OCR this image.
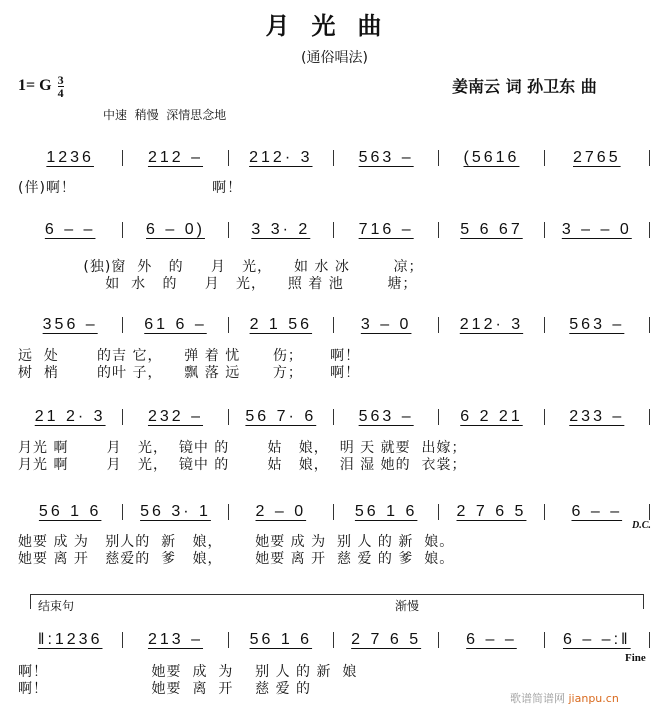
月光曲
(通俗唱法)
1= G $\frac{3}{4}$	姜南云 词 孙卫东 曲
中速  稍慢  深情思念地
1236	212 –	212· 3	563 –	(5616	2765
(伴)啊！                         啊！
6 – –	6 – 0)	3 3· 2	716 –	5 6 67	3 – – 0
(独)窗  外   的     月   光，    如 水 冰        凉；
如  水   的     月   光，    照 着 池        塘；
356 –	61 6 –	2 1 56	3 – 0	212· 3	563 –
远  处       的吉 它，    弹 着 忧      伤；     啊！
树  梢       的叶 子，    飘 落 远      方；     啊！
21 2· 3	232 –	56 7· 6	563 –	6 2 21	233 –
月光 啊       月   光，  镜中 的       姑   娘，  明 天 就要  出嫁；
月光 啊       月   光，  镜中 的       姑   娘，  泪 湿 她的  衣裳；
56 1 6	56 3· 1	2 – 0	56 1 6	2 7 6 5	6 – –
她要 成 为   别人的  新   娘，      她要 成 为  别 人 的 新  娘。
她要 离 开   慈爱的  爹   娘，      她要 离 开  慈 爱 的 爹  娘。
‖:1236	213 –	56 1 6	2 7 6 5	6 – –	6 – –:‖
啊！                   她要  成  为    别 人 的 新  娘
啊！                   她要  离  开    慈 爱 的
D.C.
结束句	渐慢
Fine
歌谱简谱网 jianpu.cn
